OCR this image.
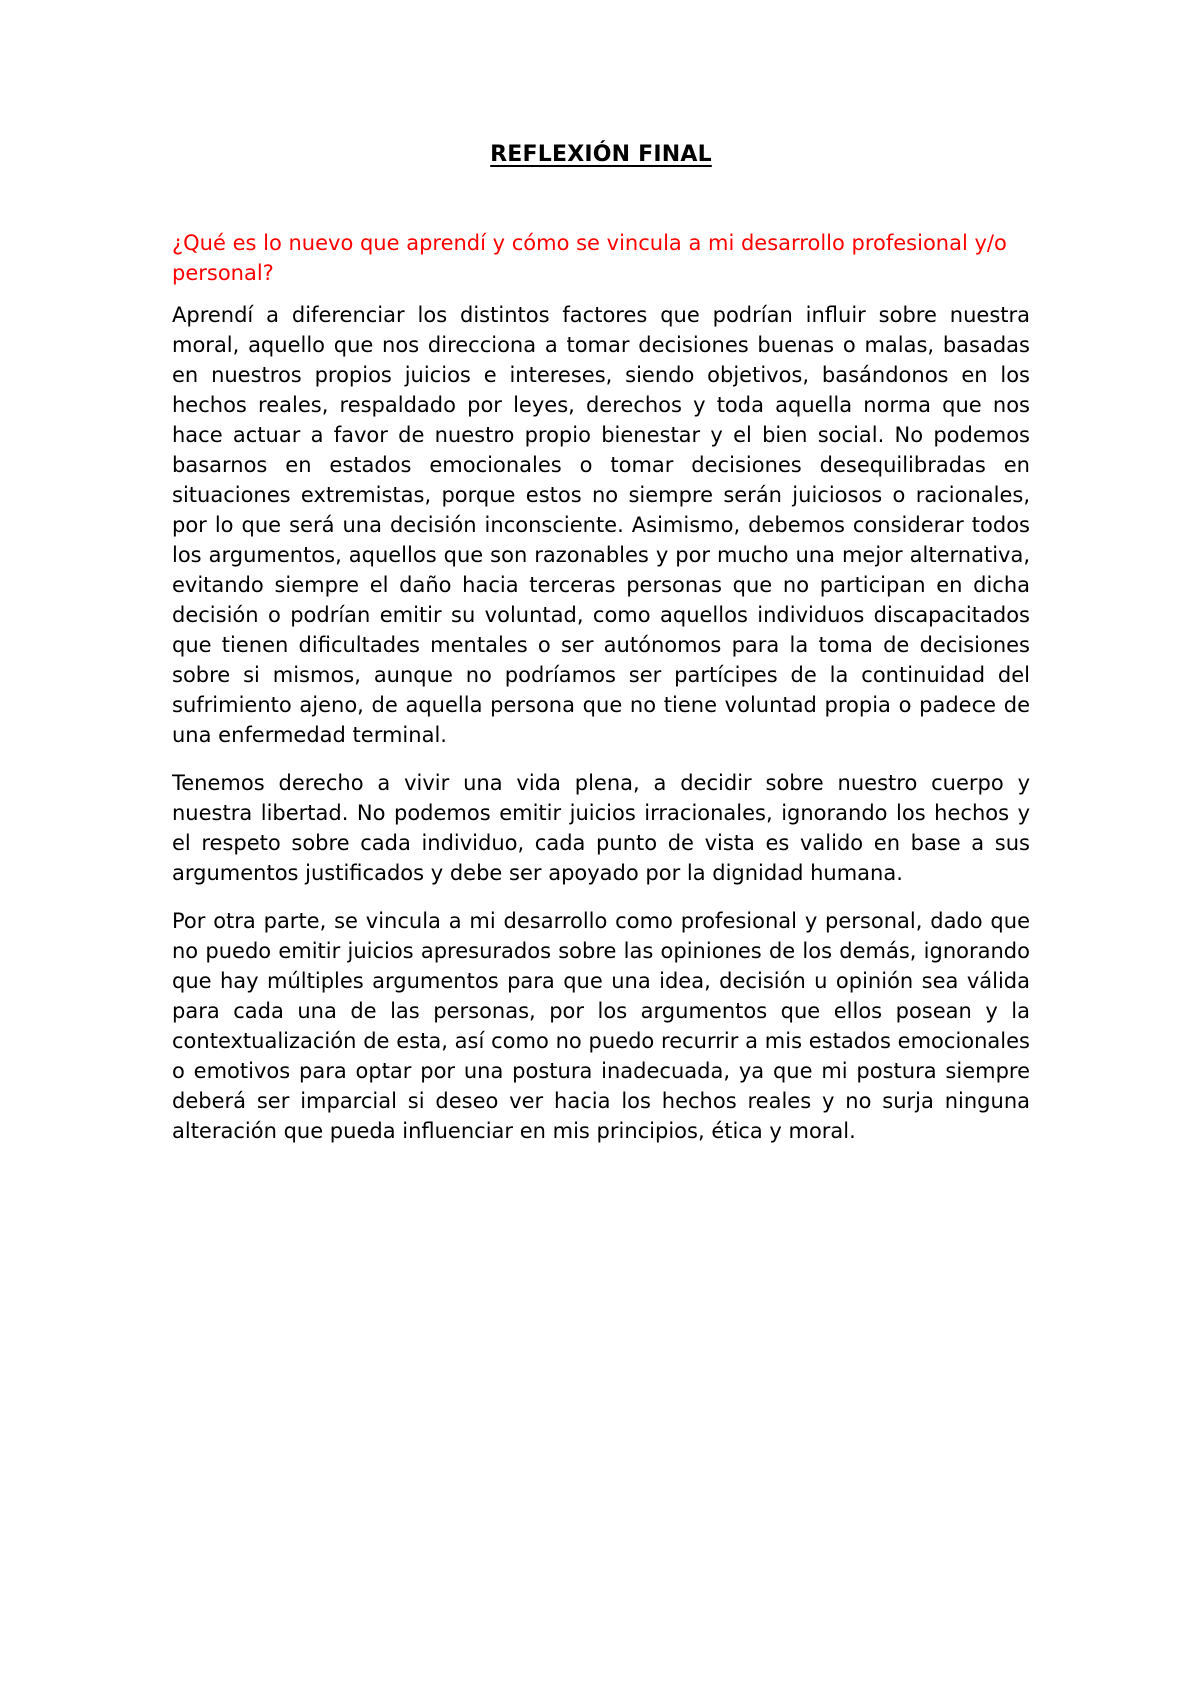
REFLEXIÓN FINAL

¿Qué es lo nuevo que aprendí y cómo se vincula a mi desarrollo profesional y/o personal?

Aprendí a diferenciar los distintos factores que podrían influir sobre nuestra moral, aquello que nos direcciona a tomar decisiones buenas o malas, basadas en nuestros propios juicios e intereses, siendo objetivos, basándonos en los hechos reales, respaldado por leyes, derechos y toda aquella norma que nos hace actuar a favor de nuestro propio bienestar y el bien social. No podemos basarnos en estados emocionales o tomar decisiones desequilibradas en situaciones extremistas, porque estos no siempre serán juiciosos o racionales, por lo que será una decisión inconsciente. Asimismo, debemos considerar todos los argumentos, aquellos que son razonables y por mucho una mejor alternativa, evitando siempre el daño hacia terceras personas que no participan en dicha decisión o podrían emitir su voluntad, como aquellos individuos discapacitados que tienen dificultades mentales o ser autónomos para la toma de decisiones sobre si mismos, aunque no podríamos ser partícipes de la continuidad del sufrimiento ajeno, de aquella persona que no tiene voluntad propia o padece de una enfermedad terminal.

Tenemos derecho a vivir una vida plena, a decidir sobre nuestro cuerpo y nuestra libertad. No podemos emitir juicios irracionales, ignorando los hechos y el respeto sobre cada individuo, cada punto de vista es valido en base a sus argumentos justificados y debe ser apoyado por la dignidad humana.

Por otra parte, se vincula a mi desarrollo como profesional y personal, dado que no puedo emitir juicios apresurados sobre las opiniones de los demás, ignorando que hay múltiples argumentos para que una idea, decisión u opinión sea válida para cada una de las personas, por los argumentos que ellos posean y la contextualización de esta, así como no puedo recurrir a mis estados emocionales o emotivos para optar por una postura inadecuada, ya que mi postura siempre deberá ser imparcial si deseo ver hacia los hechos reales y no surja ninguna alteración que pueda influenciar en mis principios, ética y moral.
